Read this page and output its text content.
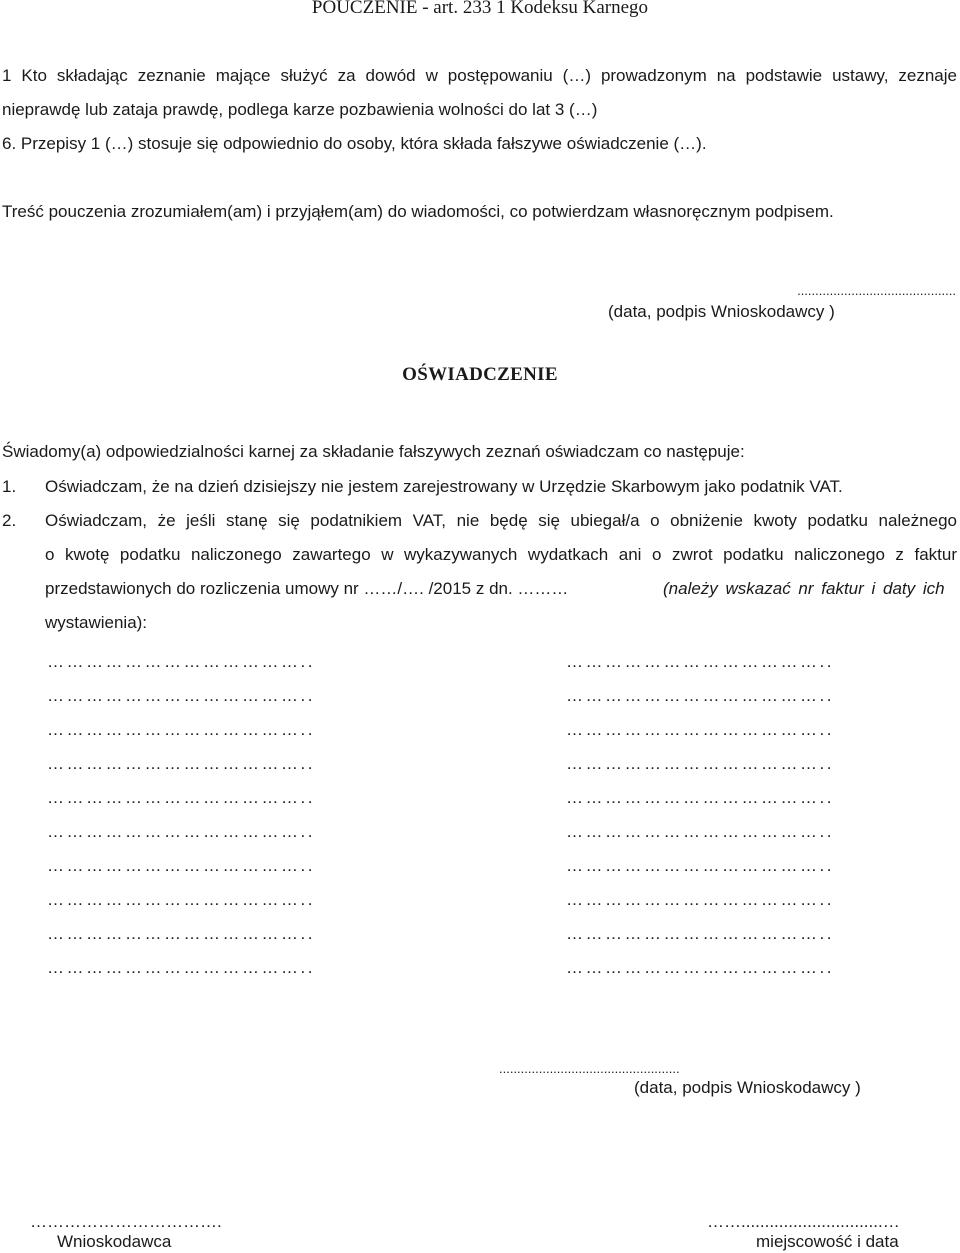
POUCZENIE - art. 233 1 Kodeksu Karnego
1 Kto składając zeznanie mające służyć za dowód w postępowaniu (…) prowadzonym na podstawie ustawy, zeznaje
nieprawdę lub zataja prawdę, podlega karze pozbawienia wolności do lat 3 (…)
6. Przepisy 1 (…) stosuje się odpowiednio do osoby, która składa fałszywe oświadczenie (…).
Treść pouczenia zrozumiałem(am) i przyjąłem(am) do wiadomości, co potwierdzam własnoręcznym podpisem.
............................................
(data, podpis Wnioskodawcy )
OŚWIADCZENIE
Świadomy(a) odpowiedzialności karnej za składanie fałszywych zeznań oświadczam co następuje:
1. Oświadczam, że na dzień dzisiejszy nie jestem zarejestrowany w Urzędzie Skarbowym jako podatnik VAT.
2. Oświadczam, że jeśli stanę się podatnikiem VAT, nie będę się ubiegał/a o obniżenie kwoty podatku należnego
o kwotę podatku naliczonego zawartego w wykazywanych wydatkach ani o zwrot podatku naliczonego z faktur
przedstawionych do rozliczenia umowy nr ……/…. /2015 z dn. ………	(należy wskazać nr faktur i daty ich
wystawienia):
…………………………………..
…………………………………..
…………………………………..
…………………………………..
…………………………………..
…………………………………..
…………………………………..
…………………………………..
…………………………………..
…………………………………..
…………………………………..
…………………………………..
…………………………………..
…………………………………..
…………………………………..
…………………………………..
…………………………………..
…………………………………..
…………………………………..
…………………………………..
..................................................
(data, podpis Wnioskodawcy )
…………………………….
Wnioskodawca
……..............................…
miejscowość i data
